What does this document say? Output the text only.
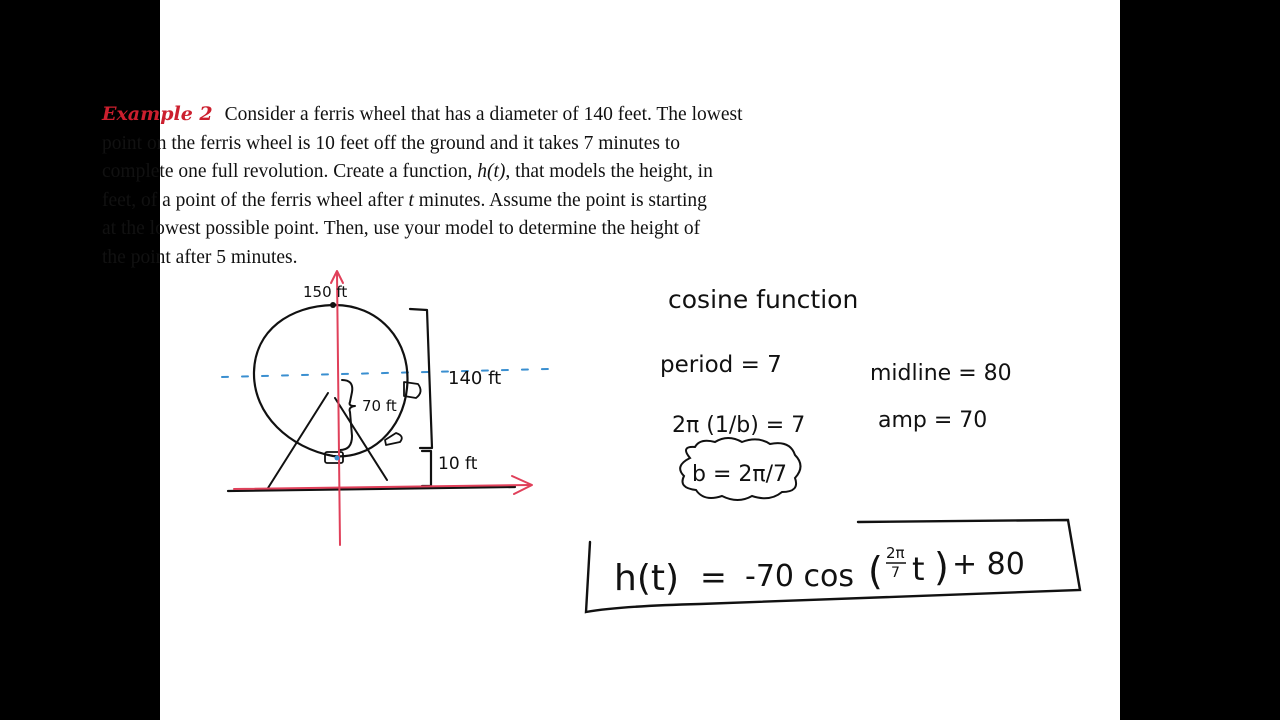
Example 2 Consider a ferris wheel that has a diameter of 140 feet. The lowest
point on the ferris wheel is 10 feet off the ground and it takes 7 minutes to
complete one full revolution. Create a function, h(t), that models the height, in
feet, of a point of the ferris wheel after t minutes. Assume the point is starting
at the lowest possible point. Then, use your model to determine the height of
the point after 5 minutes.
150 ft
140 ft
70 ft
10 ft
cosine function
period = 7	midline = 80
amp = 70
2π (1/b) = 7
b = 2π/7
h(t) = -70 cos ( 2π
7 t ) + 80
